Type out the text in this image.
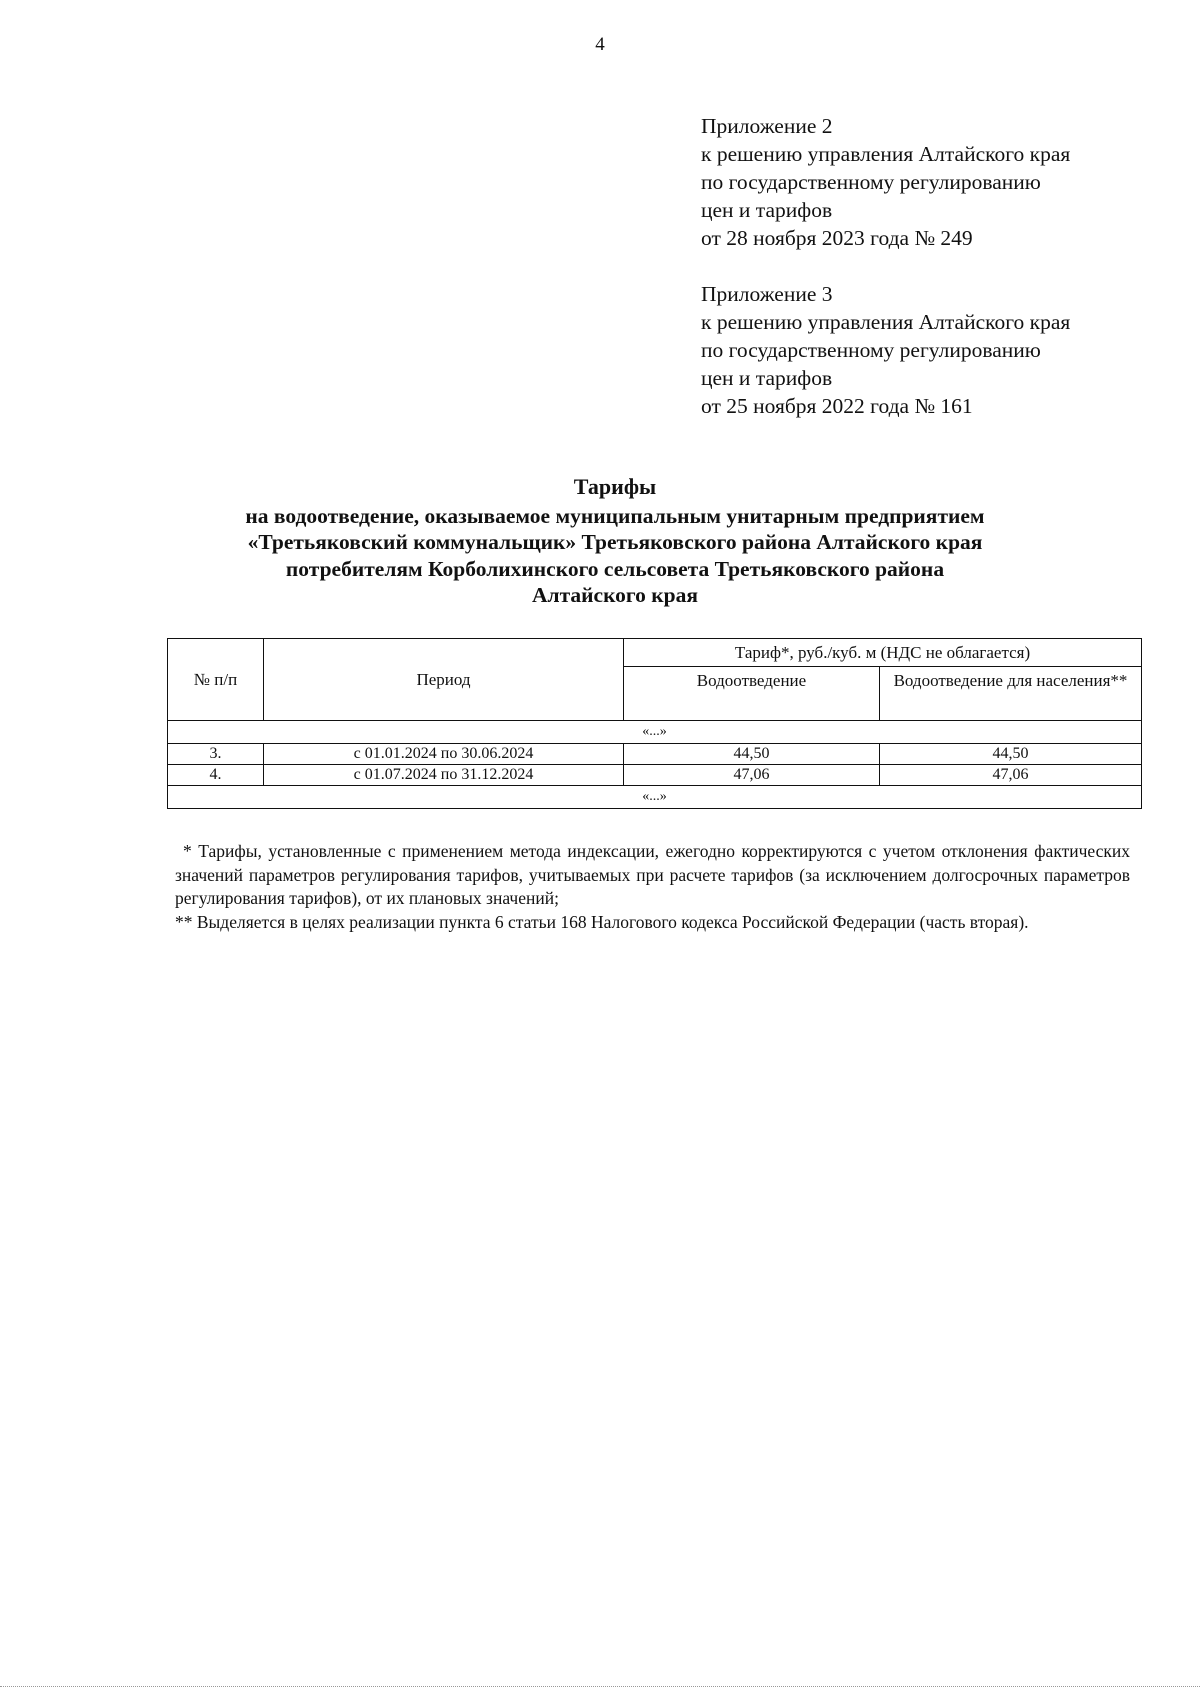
4
Приложение 2
к решению управления Алтайского края
по государственному регулированию
цен и тарифов
от 28 ноября 2023 года № 249
Приложение 3
к решению управления Алтайского края
по государственному регулированию
цен и тарифов
от 25 ноября 2022 года № 161
Тарифы
на водоотведение, оказываемое муниципальным унитарным предприятием
«Третьяковский коммунальщик» Третьяковского района Алтайского края
потребителям Корболихинского сельсовета Третьяковского района
Алтайского края
№ п/п	Период	Тариф*, руб./куб. м (НДС не облагается)	
		Водоотведение	Водоотведение для населения**
«...»			
3.	с 01.01.2024 по 30.06.2024	44,50	44,50
4.	с 01.07.2024 по 31.12.2024	47,06	47,06
«...»			

* Тарифы, установленные с применением метода индексации, ежегодно корректируются с учетом отклонения фактических значений параметров регулирования тарифов, учитываемых при расчете тарифов (за исключением долгосрочных параметров регулирования тарифов), от их плановых значений;

** Выделяется в целях реализации пункта 6 статьи 168 Налогового кодекса Российской Федерации (часть вторая).
